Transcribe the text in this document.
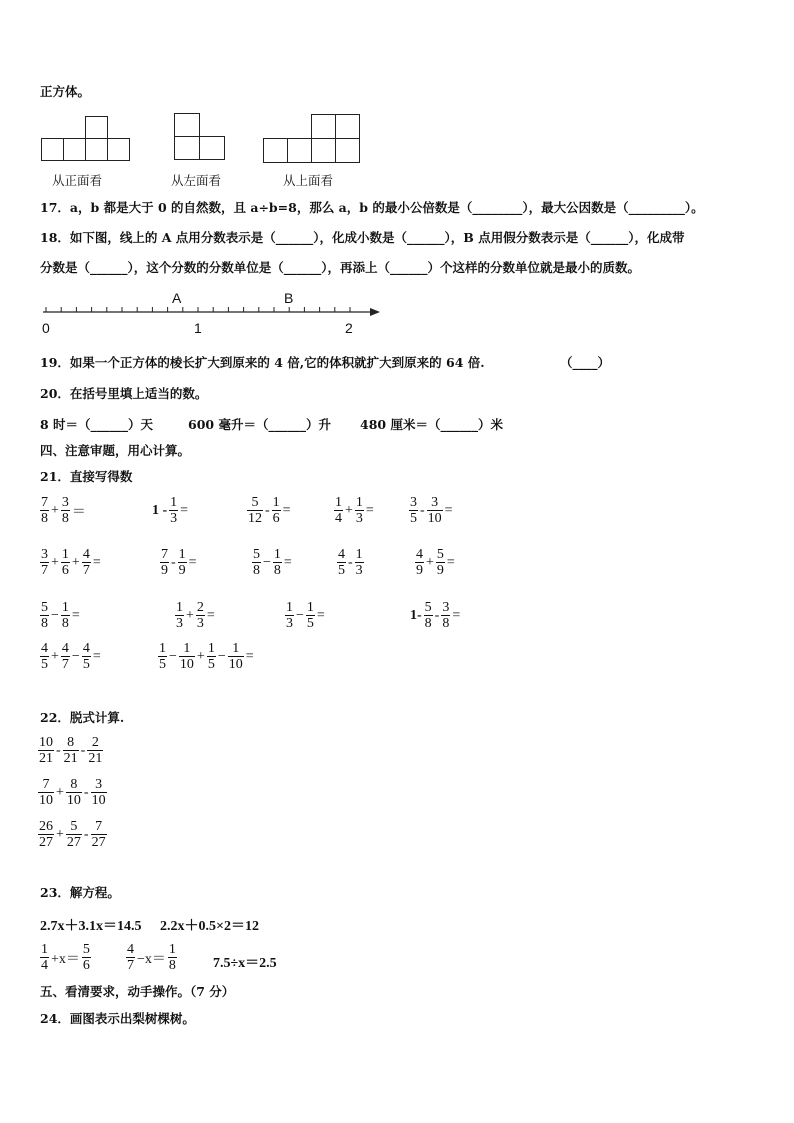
正方体。
从正面看	从左面看	从上面看
17．a，b 都是大于 0 的自然数，且 a÷b=8，那么 a，b 的最小公倍数是（________），最大公因数是（_________）。
18．如下图，线上的 A 点用分数表示是（______），化成小数是（______），B 点用假分数表示是（______），化成带
分数是（______），这个分数的分数单位是（______），再添上（______）个这样的分数单位就是最小的质数。
A	B
0	1	2
19．如果一个正方体的棱长扩大到原来的 4 倍,它的体积就扩大到原来的 64 倍.	（____）
20．在括号里填上适当的数。
8 时＝（______）天	600 毫升＝（______）升 480 厘米＝（______）米
四、注意审题，用心计算。
21．直接写得数
$\frac{7}{8} + \frac{3}{8}$ ＝	$1 - \frac{1}{3}$ =	$\frac{5}{12} - \frac{1}{6}$ =	$\frac{1}{4} + \frac{1}{3}$ =	$\frac{3}{5} - \frac{3}{10}$ =
$\frac{3}{7} + \frac{1}{6} + \frac{4}{7}$ =	$\frac{7}{9} - \frac{1}{9}$ =	$\frac{5}{8} - \frac{1}{8}$ =	$\frac{4}{5} - \frac{1}{3}$	$\frac{4}{9} + \frac{5}{9}$ =
$\frac{5}{8} - \frac{1}{8}$ =	$\frac{1}{3} + \frac{2}{3}$ =	$\frac{1}{3} - \frac{1}{5}$ =	$1- \frac{5}{8} - \frac{3}{8}$ =
$\frac{4}{5} + \frac{4}{7} - \frac{4}{5}$ =	$\frac{1}{5} - \frac{1}{10} + \frac{1}{5} - \frac{1}{10}$ =
22．脱式计算.
$\frac{10}{21} - \frac{8}{21} - \frac{2}{21}$
$\frac{7}{10} + \frac{8}{10} - \frac{3}{10}$
$\frac{26}{27} + \frac{5}{27} - \frac{7}{27}$
23．解方程。
2.7x＋3.1x＝14.5 2.2x＋0.5×2＝12
$\frac{1}{4} +x= \frac{5}{6}$	$\frac{4}{7} -x= \frac{1}{8}$	7.5÷x＝2.5
五、看清要求，动手操作。（7 分）
24．画图表示出梨树棵树。
